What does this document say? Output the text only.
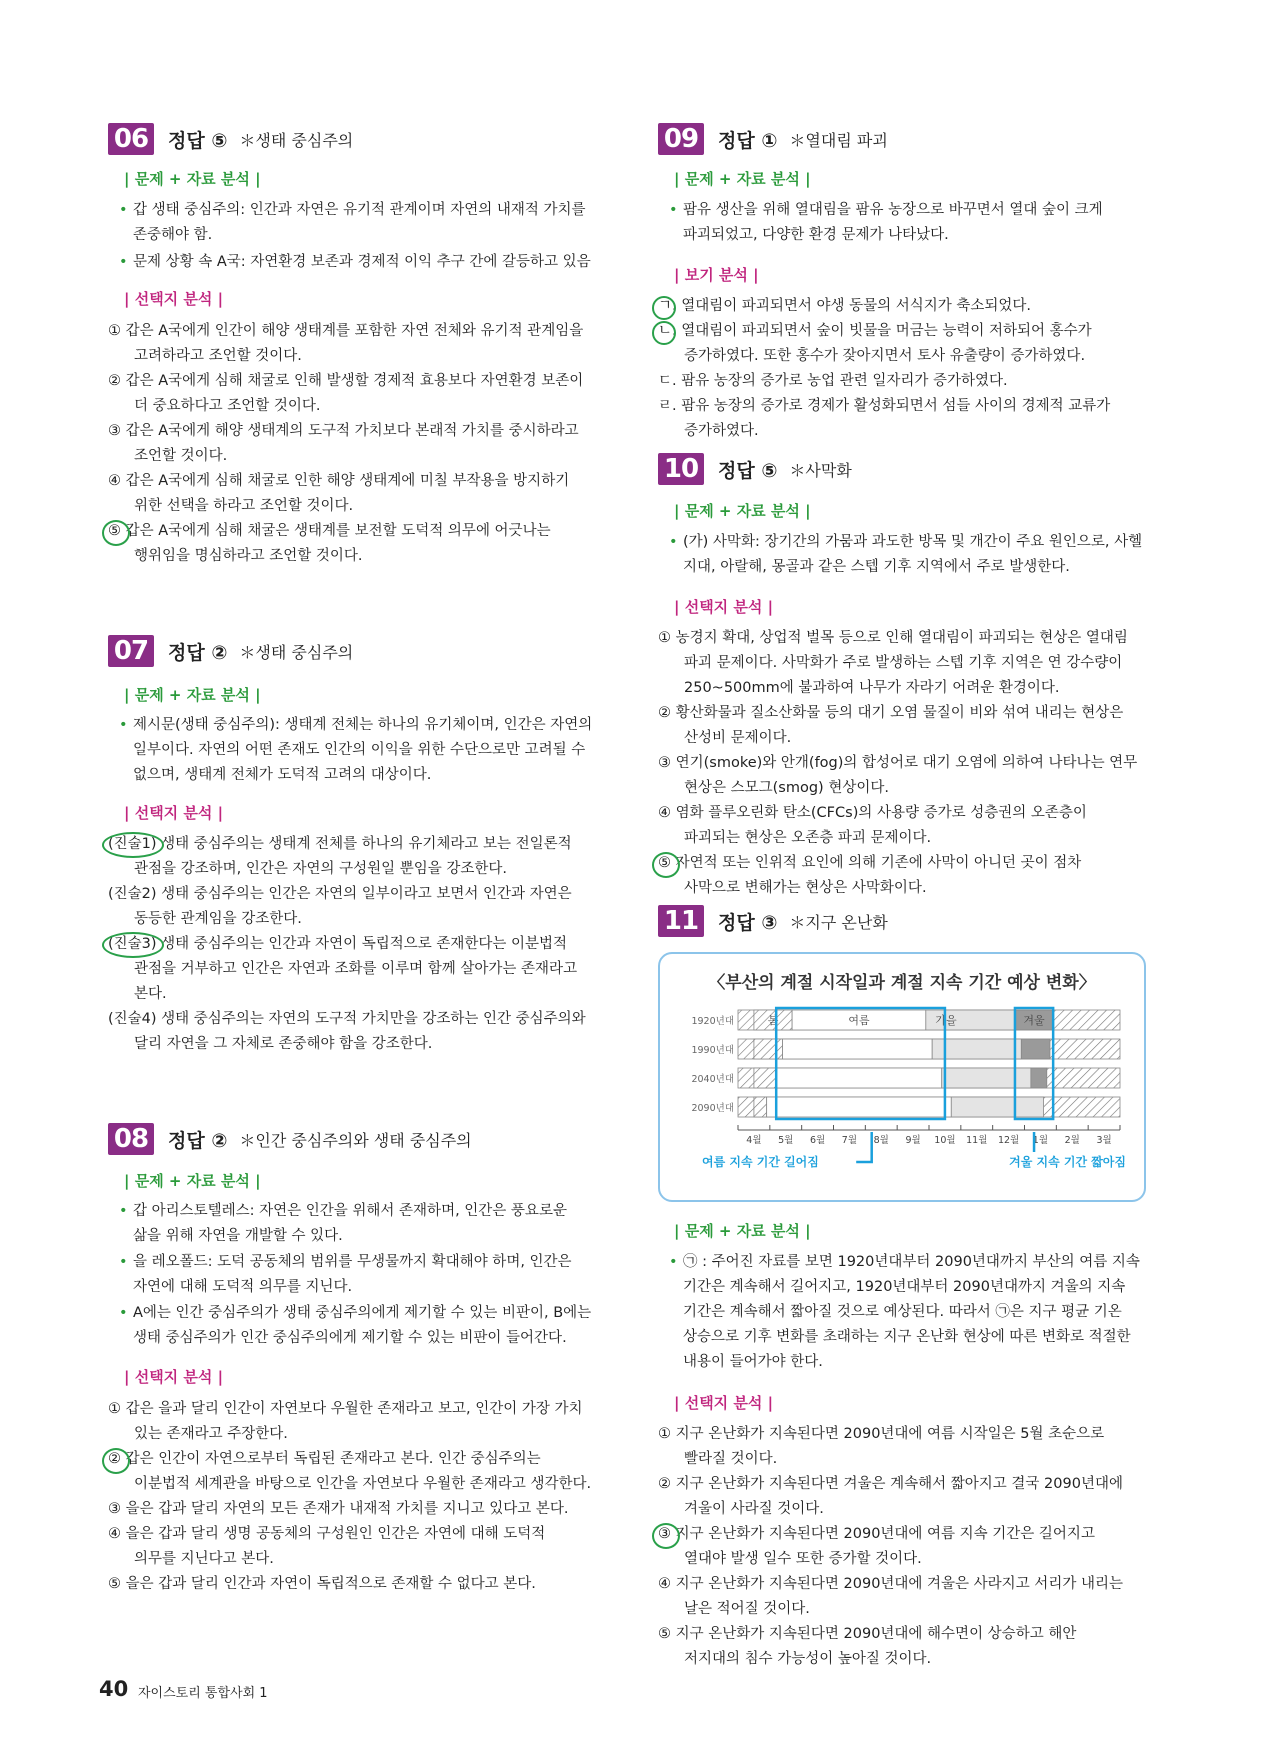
06	정답 ⑤ ＊생태 중심주의
| 문제 + 자료 분석 |
• 갑 생태 중심주의: 인간과 자연은 유기적 관계이며 자연의 내재적 가치를
존중해야 함.
• 문제 상황 속 A국: 자연환경 보존과 경제적 이익 추구 간에 갈등하고 있음
| 선택지 분석 |
① 갑은 A국에게 인간이 해양 생태계를 포함한 자연 전체와 유기적 관계임을
고려하라고 조언할 것이다.
② 갑은 A국에게 심해 채굴로 인해 발생할 경제적 효용보다 자연환경 보존이
더 중요하다고 조언할 것이다.
③ 갑은 A국에게 해양 생태계의 도구적 가치보다 본래적 가치를 중시하라고
조언할 것이다.
④ 갑은 A국에게 심해 채굴로 인한 해양 생태계에 미칠 부작용을 방지하기
위한 선택을 하라고 조언할 것이다.
⑤ 갑은 A국에게 심해 채굴은 생태계를 보전할 도덕적 의무에 어긋나는
행위임을 명심하라고 조언할 것이다.
07	정답 ② ＊생태 중심주의
| 문제 + 자료 분석 |
• 제시문(생태 중심주의): 생태계 전체는 하나의 유기체이며, 인간은 자연의
일부이다. 자연의 어떤 존재도 인간의 이익을 위한 수단으로만 고려될 수
없으며, 생태계 전체가 도덕적 고려의 대상이다.
| 선택지 분석 |
(진술1) 생태 중심주의는 생태계 전체를 하나의 유기체라고 보는 전일론적
관점을 강조하며, 인간은 자연의 구성원일 뿐임을 강조한다.
(진술2) 생태 중심주의는 인간은 자연의 일부이라고 보면서 인간과 자연은
동등한 관계임을 강조한다.
(진술3) 생태 중심주의는 인간과 자연이 독립적으로 존재한다는 이분법적
관점을 거부하고 인간은 자연과 조화를 이루며 함께 살아가는 존재라고
본다.
(진술4) 생태 중심주의는 자연의 도구적 가치만을 강조하는 인간 중심주의와
달리 자연을 그 자체로 존중해야 함을 강조한다.
08	정답 ② ＊인간 중심주의와 생태 중심주의
| 문제 + 자료 분석 |
• 갑 아리스토텔레스: 자연은 인간을 위해서 존재하며, 인간은 풍요로운
삶을 위해 자연을 개발할 수 있다.
• 을 레오폴드: 도덕 공동체의 범위를 무생물까지 확대해야 하며, 인간은
자연에 대해 도덕적 의무를 지닌다.
• A에는 인간 중심주의가 생태 중심주의에게 제기할 수 있는 비판이, B에는
생태 중심주의가 인간 중심주의에게 제기할 수 있는 비판이 들어간다.
| 선택지 분석 |
① 갑은 을과 달리 인간이 자연보다 우월한 존재라고 보고, 인간이 가장 가치
있는 존재라고 주장한다.
② 갑은 인간이 자연으로부터 독립된 존재라고 본다. 인간 중심주의는
이분법적 세계관을 바탕으로 인간을 자연보다 우월한 존재라고 생각한다.
③ 을은 갑과 달리 자연의 모든 존재가 내재적 가치를 지니고 있다고 본다.
④ 을은 갑과 달리 생명 공동체의 구성원인 인간은 자연에 대해 도덕적
의무를 지닌다고 본다.
⑤ 을은 갑과 달리 인간과 자연이 독립적으로 존재할 수 없다고 본다.
09	정답 ① ＊열대림 파괴
| 문제 + 자료 분석 |
• 팜유 생산을 위해 열대림을 팜유 농장으로 바꾸면서 열대 숲이 크게
파괴되었고, 다양한 환경 문제가 나타났다.
| 보기 분석 |
ㄱ. 열대림이 파괴되면서 야생 동물의 서식지가 축소되었다.
ㄴ. 열대림이 파괴되면서 숲이 빗물을 머금는 능력이 저하되어 홍수가
증가하였다. 또한 홍수가 잦아지면서 토사 유출량이 증가하였다.
ㄷ. 팜유 농장의 증가로 농업 관련 일자리가 증가하였다.
ㄹ. 팜유 농장의 증가로 경제가 활성화되면서 섬들 사이의 경제적 교류가
증가하였다.
10	정답 ⑤ ＊사막화
| 문제 + 자료 분석 |
• (가) 사막화: 장기간의 가뭄과 과도한 방목 및 개간이 주요 원인으로, 사헬
지대, 아랄해, 몽골과 같은 스텝 기후 지역에서 주로 발생한다.
| 선택지 분석 |
① 농경지 확대, 상업적 벌목 등으로 인해 열대림이 파괴되는 현상은 열대림
파괴 문제이다. 사막화가 주로 발생하는 스텝 기후 지역은 연 강수량이
250~500mm에 불과하여 나무가 자라기 어려운 환경이다.
② 황산화물과 질소산화물 등의 대기 오염 물질이 비와 섞여 내리는 현상은
산성비 문제이다.
③ 연기(smoke)와 안개(fog)의 합성어로 대기 오염에 의하여 나타나는 연무
현상은 스모그(smog) 현상이다.
④ 염화 플루오린화 탄소(CFCs)의 사용량 증가로 성층권의 오존층이
파괴되는 현상은 오존층 파괴 문제이다.
⑤ 자연적 또는 인위적 요인에 의해 기존에 사막이 아니던 곳이 점차
사막으로 변해가는 현상은 사막화이다.
11	정답 ③ ＊지구 온난화
| 문제 + 자료 분석 |
• ㉠ : 주어진 자료를 보면 1920년대부터 2090년대까지 부산의 여름 지속
기간은 계속해서 길어지고, 1920년대부터 2090년대까지 겨울의 지속
기간은 계속해서 짧아질 것으로 예상된다. 따라서 ㉠은 지구 평균 기온
상승으로 기후 변화를 초래하는 지구 온난화 현상에 따른 변화로 적절한
내용이 들어가야 한다.
| 선택지 분석 |
① 지구 온난화가 지속된다면 2090년대에 여름 시작일은 5월 초순으로
빨라질 것이다.
② 지구 온난화가 지속된다면 겨울은 계속해서 짧아지고 결국 2090년대에
겨울이 사라질 것이다.
③ 지구 온난화가 지속된다면 2090년대에 여름 지속 기간은 길어지고
열대야 발생 일수 또한 증가할 것이다.
④ 지구 온난화가 지속된다면 2090년대에 겨울은 사라지고 서리가 내리는
날은 적어질 것이다.
⑤ 지구 온난화가 지속된다면 2090년대에 해수면이 상승하고 해안
저지대의 침수 가능성이 높아질 것이다.
〈부산의 계절 시작일과 계절 지속 기간 예상 변화〉
1920년대
1990년대
2040년대
2090년대
봄	여름	가을	겨울
4월 5월 6월 7월 8월 9월 10월 11월 12월 1월 2월 3월
여름 지속 기간 길어짐	겨울 지속 기간 짧아짐
40 자이스토리 통합사회 1
